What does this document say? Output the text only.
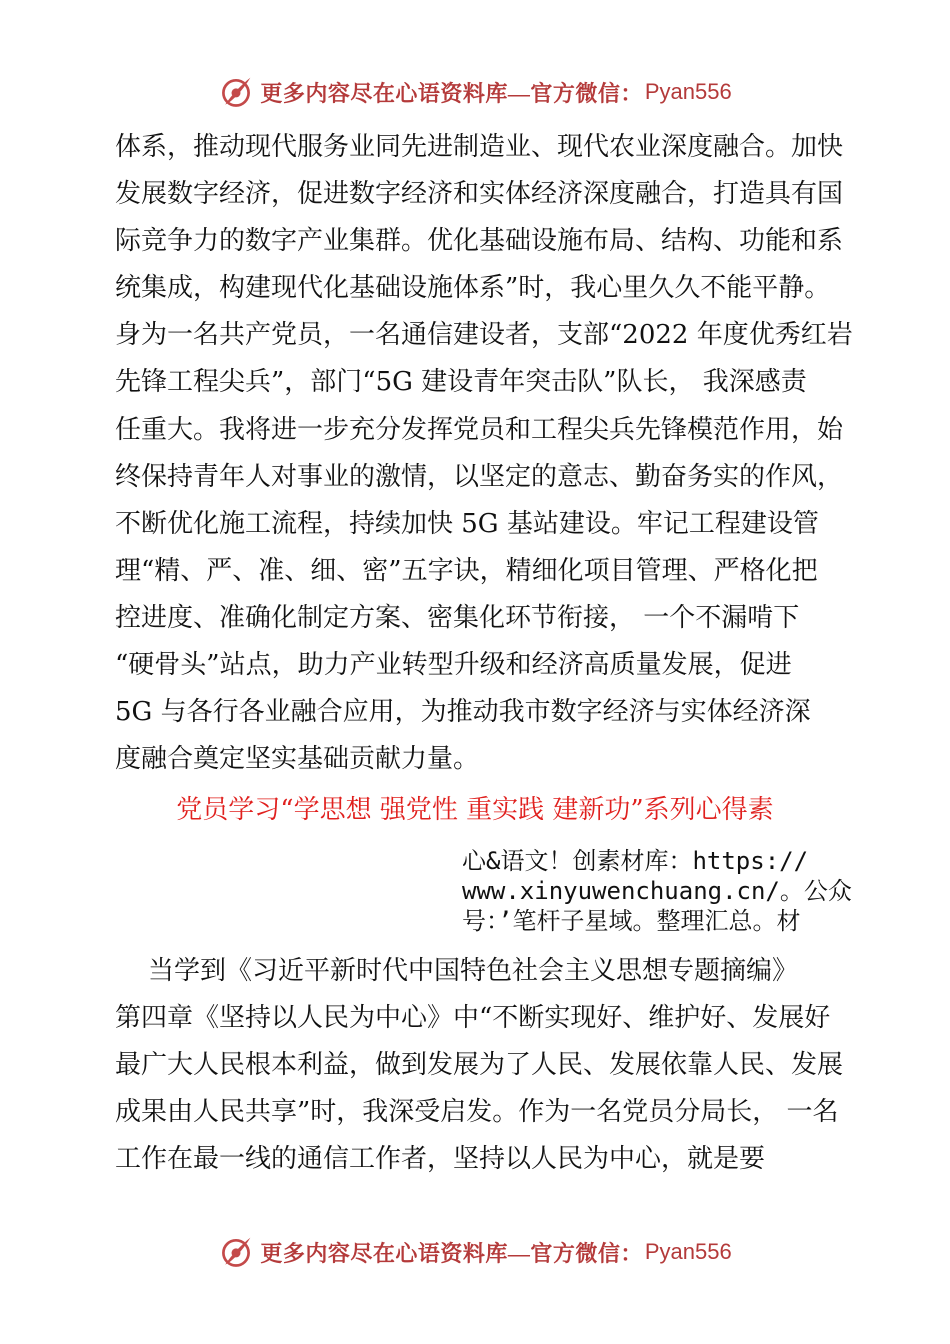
更多内容尽在心语资料库—官方微信： Pyan556
体系，推动现代服务业同先进制造业、现代农业深度融合。加快
发展数字经济，促进数字经济和实体经济深度融合，打造具有国
际竞争力的数字产业集群。优化基础设施布局、结构、功能和系
统集成，构建现代化基础设施体系”时，我心里久久不能平静。
身为一名共产党员，一名通信建设者，支部“2022 年度优秀红岩
先锋工程尖兵”，部门“5G 建设青年突击队”队长， 我深感责
任重大。我将进一步充分发挥党员和工程尖兵先锋模范作用，始
终保持青年人对事业的激情，以坚定的意志、勤奋务实的作风，
不断优化施工流程，持续加快 5G 基站建设。牢记工程建设管
理“精、严、准、细、密”五字诀，精细化项目管理、严格化把
控进度、准确化制定方案、密集化环节衔接， 一个不漏啃下
“硬骨头”站点，助力产业转型升级和经济高质量发展，促进
5G 与各行各业融合应用，为推动我市数字经济与实体经济深
度融合奠定坚实基础贡献力量。
党员学习“学思想 强党性 重实践 建新功”系列心得素
心&语文！创素材库：https://
www.xinyuwenchuang.cn/。公众
号：’笔杆子星域。整理汇总。材
当学到《习近平新时代中国特色社会主义思想专题摘编》
第四章《坚持以人民为中心》中“不断实现好、维护好、发展好
最广大人民根本利益，做到发展为了人民、发展依靠人民、发展
成果由人民共享”时，我深受启发。作为一名党员分局长， 一名
工作在最一线的通信工作者，坚持以人民为中心，就是要
更多内容尽在心语资料库—官方微信： Pyan556
